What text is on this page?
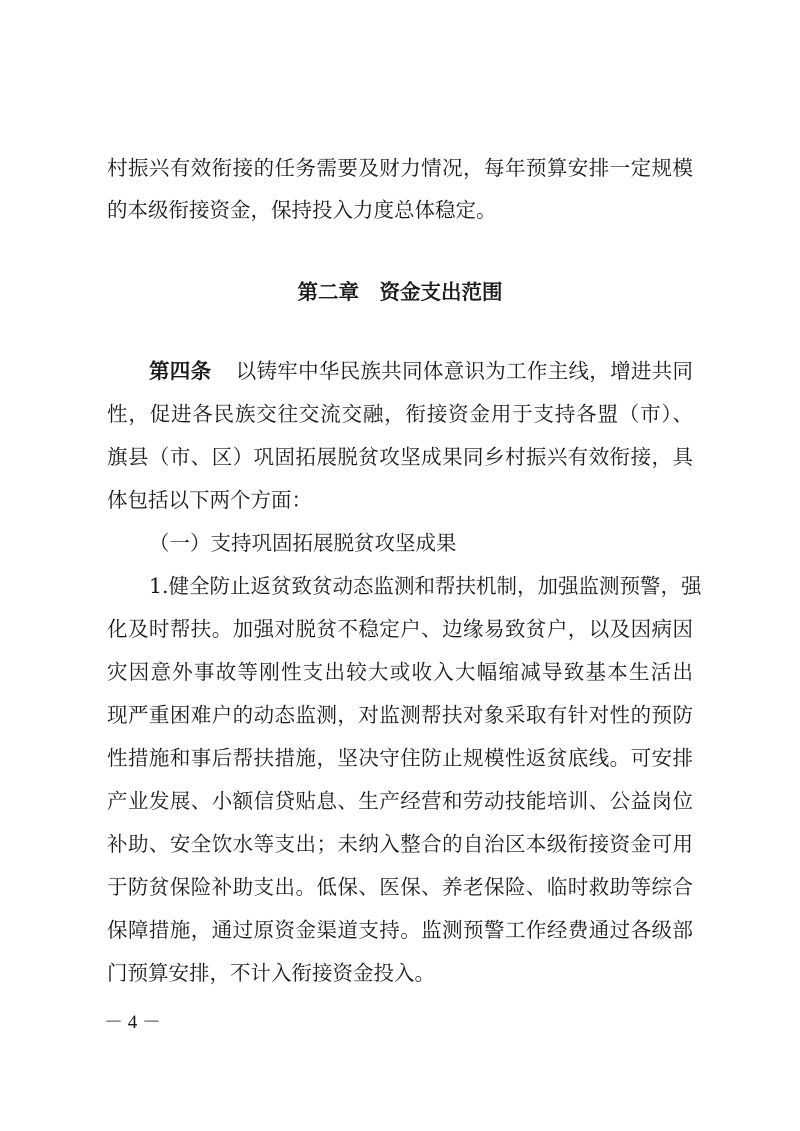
村振兴有效衔接的任务需要及财力情况，每年预算安排一定规模
的本级衔接资金，保持投入力度总体稳定。
第二章　资金支出范围
第四条 以铸牢中华民族共同体意识为工作主线，增进共同
性，促进各民族交往交流交融，衔接资金用于支持各盟（市）、
旗县（市、区）巩固拓展脱贫攻坚成果同乡村振兴有效衔接，具
体包括以下两个方面：
（一）支持巩固拓展脱贫攻坚成果
1.健全防止返贫致贫动态监测和帮扶机制，加强监测预警，强
化及时帮扶。加强对脱贫不稳定户、边缘易致贫户，以及因病因
灾因意外事故等刚性支出较大或收入大幅缩减导致基本生活出
现严重困难户的动态监测，对监测帮扶对象采取有针对性的预防
性措施和事后帮扶措施，坚决守住防止规模性返贫底线。可安排
产业发展、小额信贷贴息、生产经营和劳动技能培训、公益岗位
补助、安全饮水等支出；未纳入整合的自治区本级衔接资金可用
于防贫保险补助支出。低保、医保、养老保险、临时救助等综合
保障措施，通过原资金渠道支持。监测预警工作经费通过各级部
门预算安排，不计入衔接资金投入。
－ 4 －
